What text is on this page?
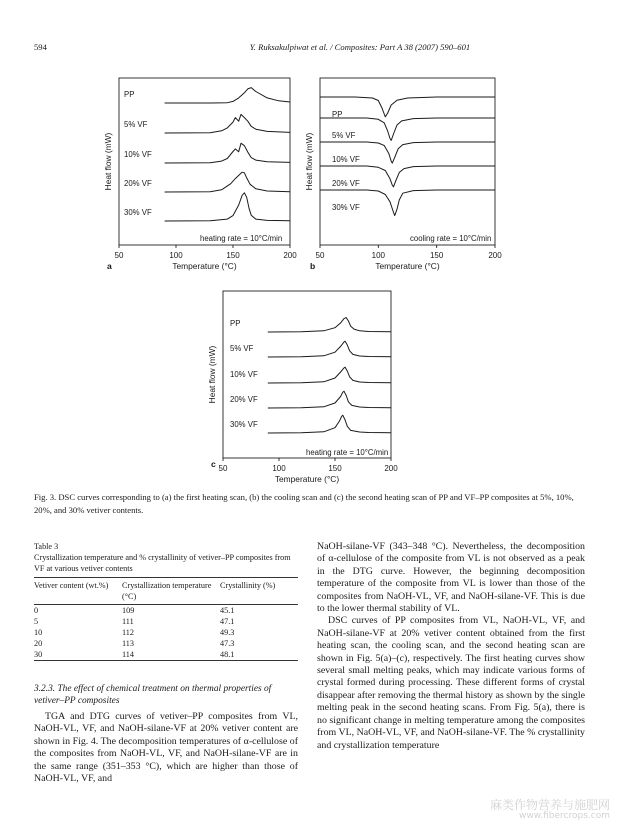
594	Y. Ruksakulpiwat et al. / Composites: Part A 38 (2007) 590–601
50	100	150	200
Temperature (°C)
Heat flow (mW)
heating rate = 10°C/min
a
PP
5% VF
10% VF
20% VF
30% VF
50	100	150	200
Temperature (°C)
Heat flow (mW)
cooling rate = 10°C/min
b
PP
5% VF
10% VF
20% VF
30% VF
50	100	150	200
Temperature (°C)
Heat flow (mW)
heating rate = 10°C/min
c
PP
5% VF
10% VF
20% VF
30% VF
Fig. 3. DSC curves corresponding to (a) the first heating scan, (b) the cooling scan and (c) the second heating scan of PP and VF–PP composites at 5%, 10%, 20%, and 30% vetiver contents.

Table 3

Crystallization temperature and % crystallinity of vetiver–PP composites from VF at various vetiver contents

Vetiver content (wt.%)	Crystallization temperature (°C)	Crystallinity (%)
0	109	45.1
5	111	47.1
10	112	49.3
20	113	47.3
30	114	48.1
3.2.3. The effect of chemical treatment on thermal properties of vetiver–PP composites

TGA and DTG curves of vetiver–PP composites from VL, NaOH-VL, VF, and NaOH-silane-VF at 20% vetiver content are shown in Fig. 4. The decomposition temperatures of α-cellulose of the composites from NaOH-VL, VF, and NaOH-silane-VF are in the same range (351–353 °C), which are higher than those of NaOH-VL, VF, and

NaOH-silane-VF (343–348 °C). Nevertheless, the decomposition of α-cellulose of the composite from VL is not observed as a peak in the DTG curve. However, the beginning decomposition temperature of the composite from VL is lower than those of the composites from NaOH-VL, VF, and NaOH-silane-VF. This is due to the lower thermal stability of VL.

DSC curves of PP composites from VL, NaOH-VL, VF, and NaOH-silane-VF at 20% vetiver content obtained from the first heating scan, the cooling scan, and the second heating scan are shown in Fig. 5(a)–(c), respectively. The first heating curves show several small melting peaks, which may indicate various forms of crystal formed during processing. These different forms of crystal disappear after removing the thermal history as shown by the single melting peak in the second heating scans. From Fig. 5(a), there is no significant change in melting temperature among the composites from VL, NaOH-VL, VF, and NaOH-silane-VF. The % crystallinity and crystallization temperature

麻类作物营养与施肥网
www.fibercrops.com
